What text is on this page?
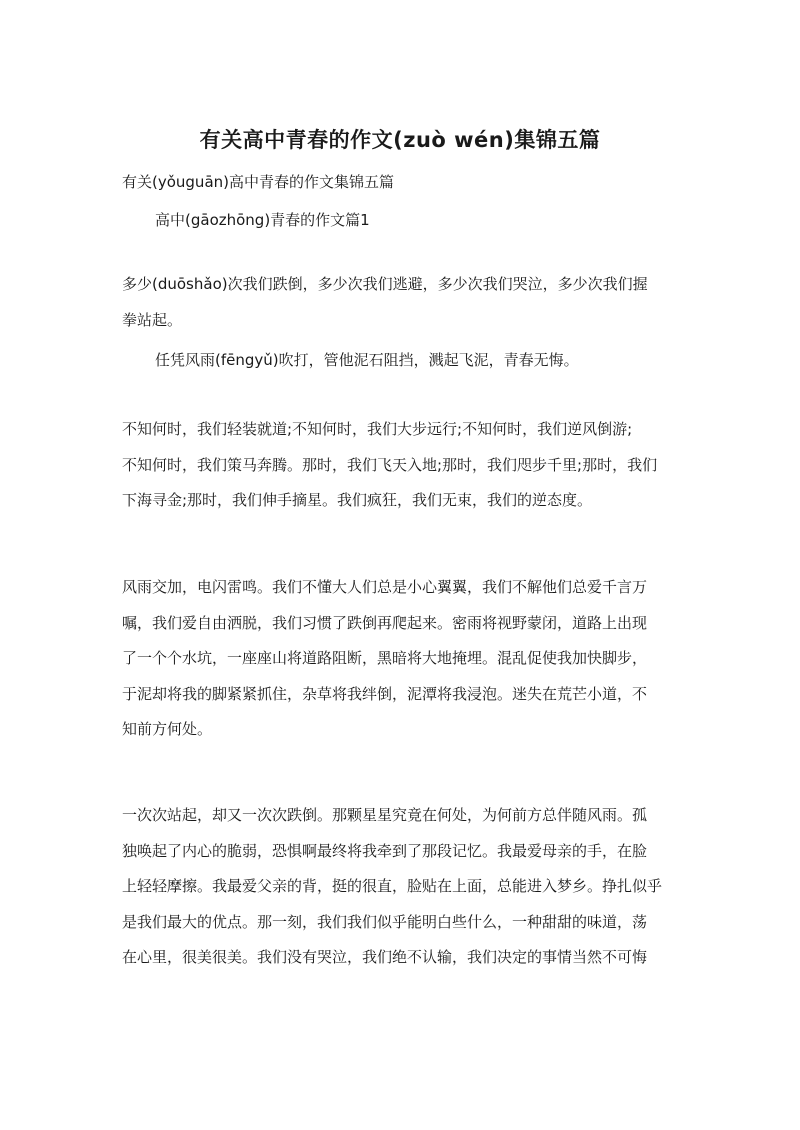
有关高中青春的作文(zuò wén)集锦五篇

有关(yǒuguān)高中青春的作文集锦五篇

高中(gāozhōng)青春的作文篇1

多少(duōshǎo)次我们跌倒，多少次我们逃避，多少次我们哭泣，多少次我们握
拳站起。

任凭风雨(fēngyǔ)吹打，管他泥石阻挡，溅起飞泥，青春无悔。

不知何时，我们轻装就道;不知何时，我们大步远行;不知何时，我们逆风倒游;
不知何时，我们策马奔腾。那时，我们飞天入地;那时，我们咫步千里;那时，我们
下海寻金;那时，我们伸手摘星。我们疯狂，我们无束，我们的逆态度。

风雨交加，电闪雷鸣。我们不懂大人们总是小心翼翼，我们不解他们总爱千言万
嘱，我们爱自由洒脱，我们习惯了跌倒再爬起来。密雨将视野蒙闭，道路上出现
了一个个水坑，一座座山将道路阻断，黑暗将大地掩埋。混乱促使我加快脚步，
于泥却将我的脚紧紧抓住，杂草将我绊倒，泥潭将我浸泡。迷失在荒芒小道，不
知前方何处。

一次次站起，却又一次次跌倒。那颗星星究竟在何处，为何前方总伴随风雨。孤
独唤起了内心的脆弱，恐惧啊最终将我牵到了那段记忆。我最爱母亲的手，在脸
上轻轻摩擦。我最爱父亲的背，挺的很直，脸贴在上面，总能进入梦乡。挣扎似乎
是我们最大的优点。那一刻，我们我们似乎能明白些什么，一种甜甜的味道，荡
在心里，很美很美。我们没有哭泣，我们绝不认输，我们决定的事情当然不可悔
